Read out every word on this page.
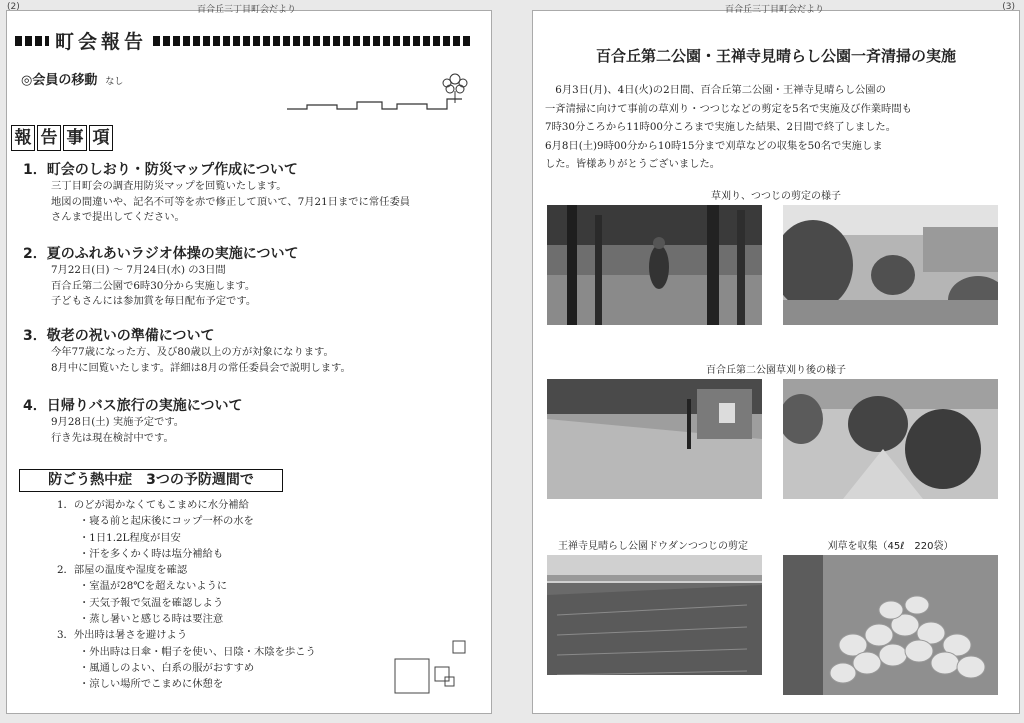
(2)	百合丘三丁目町会だより
町会報告
◎会員の移動 なし
報 告 事 項
1．町会のしおり・防災マップ作成について

三丁目町会の調査用防災マップを回覧いたします。

地図の間違いや、記名不可等を赤で修正して頂いて、7月21日までに常任委員

さんまで提出してください。

2．夏のふれあいラジオ体操の実施について

7月22日(日) ～ 7月24日(水) の3日間

百合丘第二公園で6時30分から実施します。

子どもさんには参加賞を毎日配布予定です。

3．敬老の祝いの準備について

今年77歳になった方、及び80歳以上の方が対象になります。

8月中に回覧いたします。詳細は8月の常任委員会で説明します。

4．日帰りバス旅行の実施について

9月28日(土) 実施予定です。

行き先は現在検討中です。

防ごう熱中症　3つの予防週間で
1．のどが渇かなくてもこまめに水分補給
・寝る前と起床後にコップ一杯の水を
・1日1.2L程度が目安
・汗を多くかく時は塩分補給も
2．部屋の温度や湿度を確認
・室温が28℃を超えないように
・天気予報で気温を確認しよう
・蒸し暑いと感じる時は要注意
3．外出時は暑さを避けよう
・外出時は日傘・帽子を使い、日陰・木陰を歩こう
・風通しのよい、白系の服がおすすめ
・涼しい場所でこまめに休憩を
百合丘三丁目町会だより	(3)
百合丘第二公園・王禅寺見晴らし公園一斉清掃の実施
　6月3日(月)、4日(火)の2日間、百合丘第二公園・王禅寺見晴らし公園の
一斉清掃に向けて事前の草刈り・つつじなどの剪定を5名で実施及び作業時間も
7時30分ころから11時00分ころまで実施した結果、2日間で終了しました。
6月8日(土)9時00分から10時15分まで刈草などの収集を50名で実施しま
した。皆様ありがとうございました。
草刈り、つつじの剪定の様子
百合丘第二公園草刈り後の様子
王禅寺見晴らし公園ドウダンつつじの剪定	刈草を収集（45ℓ　220袋）
